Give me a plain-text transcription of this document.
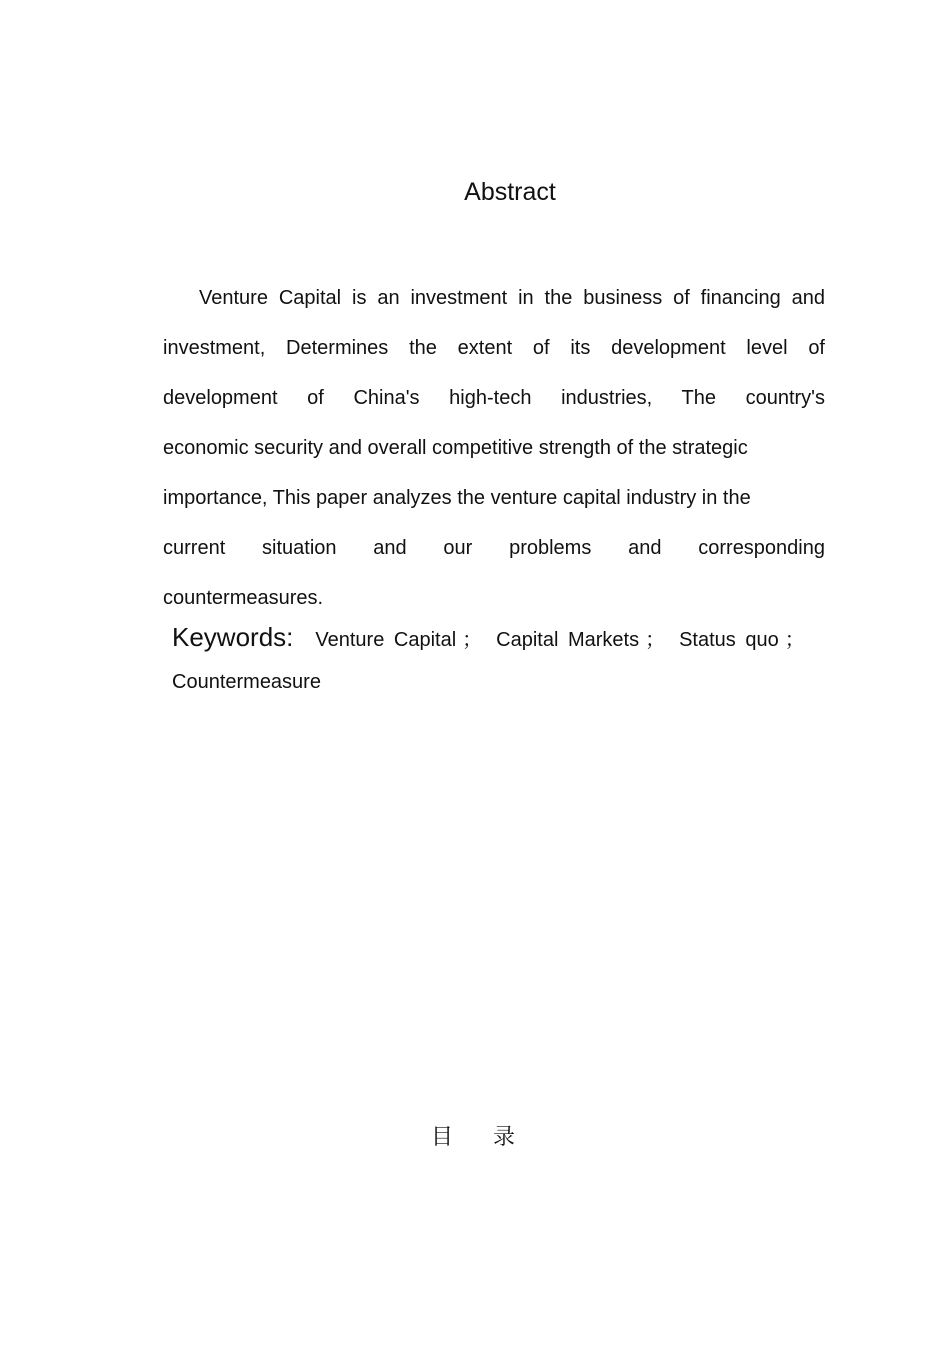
Abstract

Venture Capital is an investment in the business of financing and
investment, Determines the extent of its development level of
development of China's high-tech industries, The country's
economic security and overall competitive strength of the strategic
importance, This paper analyzes the venture capital industry in the
current situation and our problems and corresponding
countermeasures.

Keywords: Venture Capital ； Capital Markets ； Status quo ；
Countermeasure
目录
